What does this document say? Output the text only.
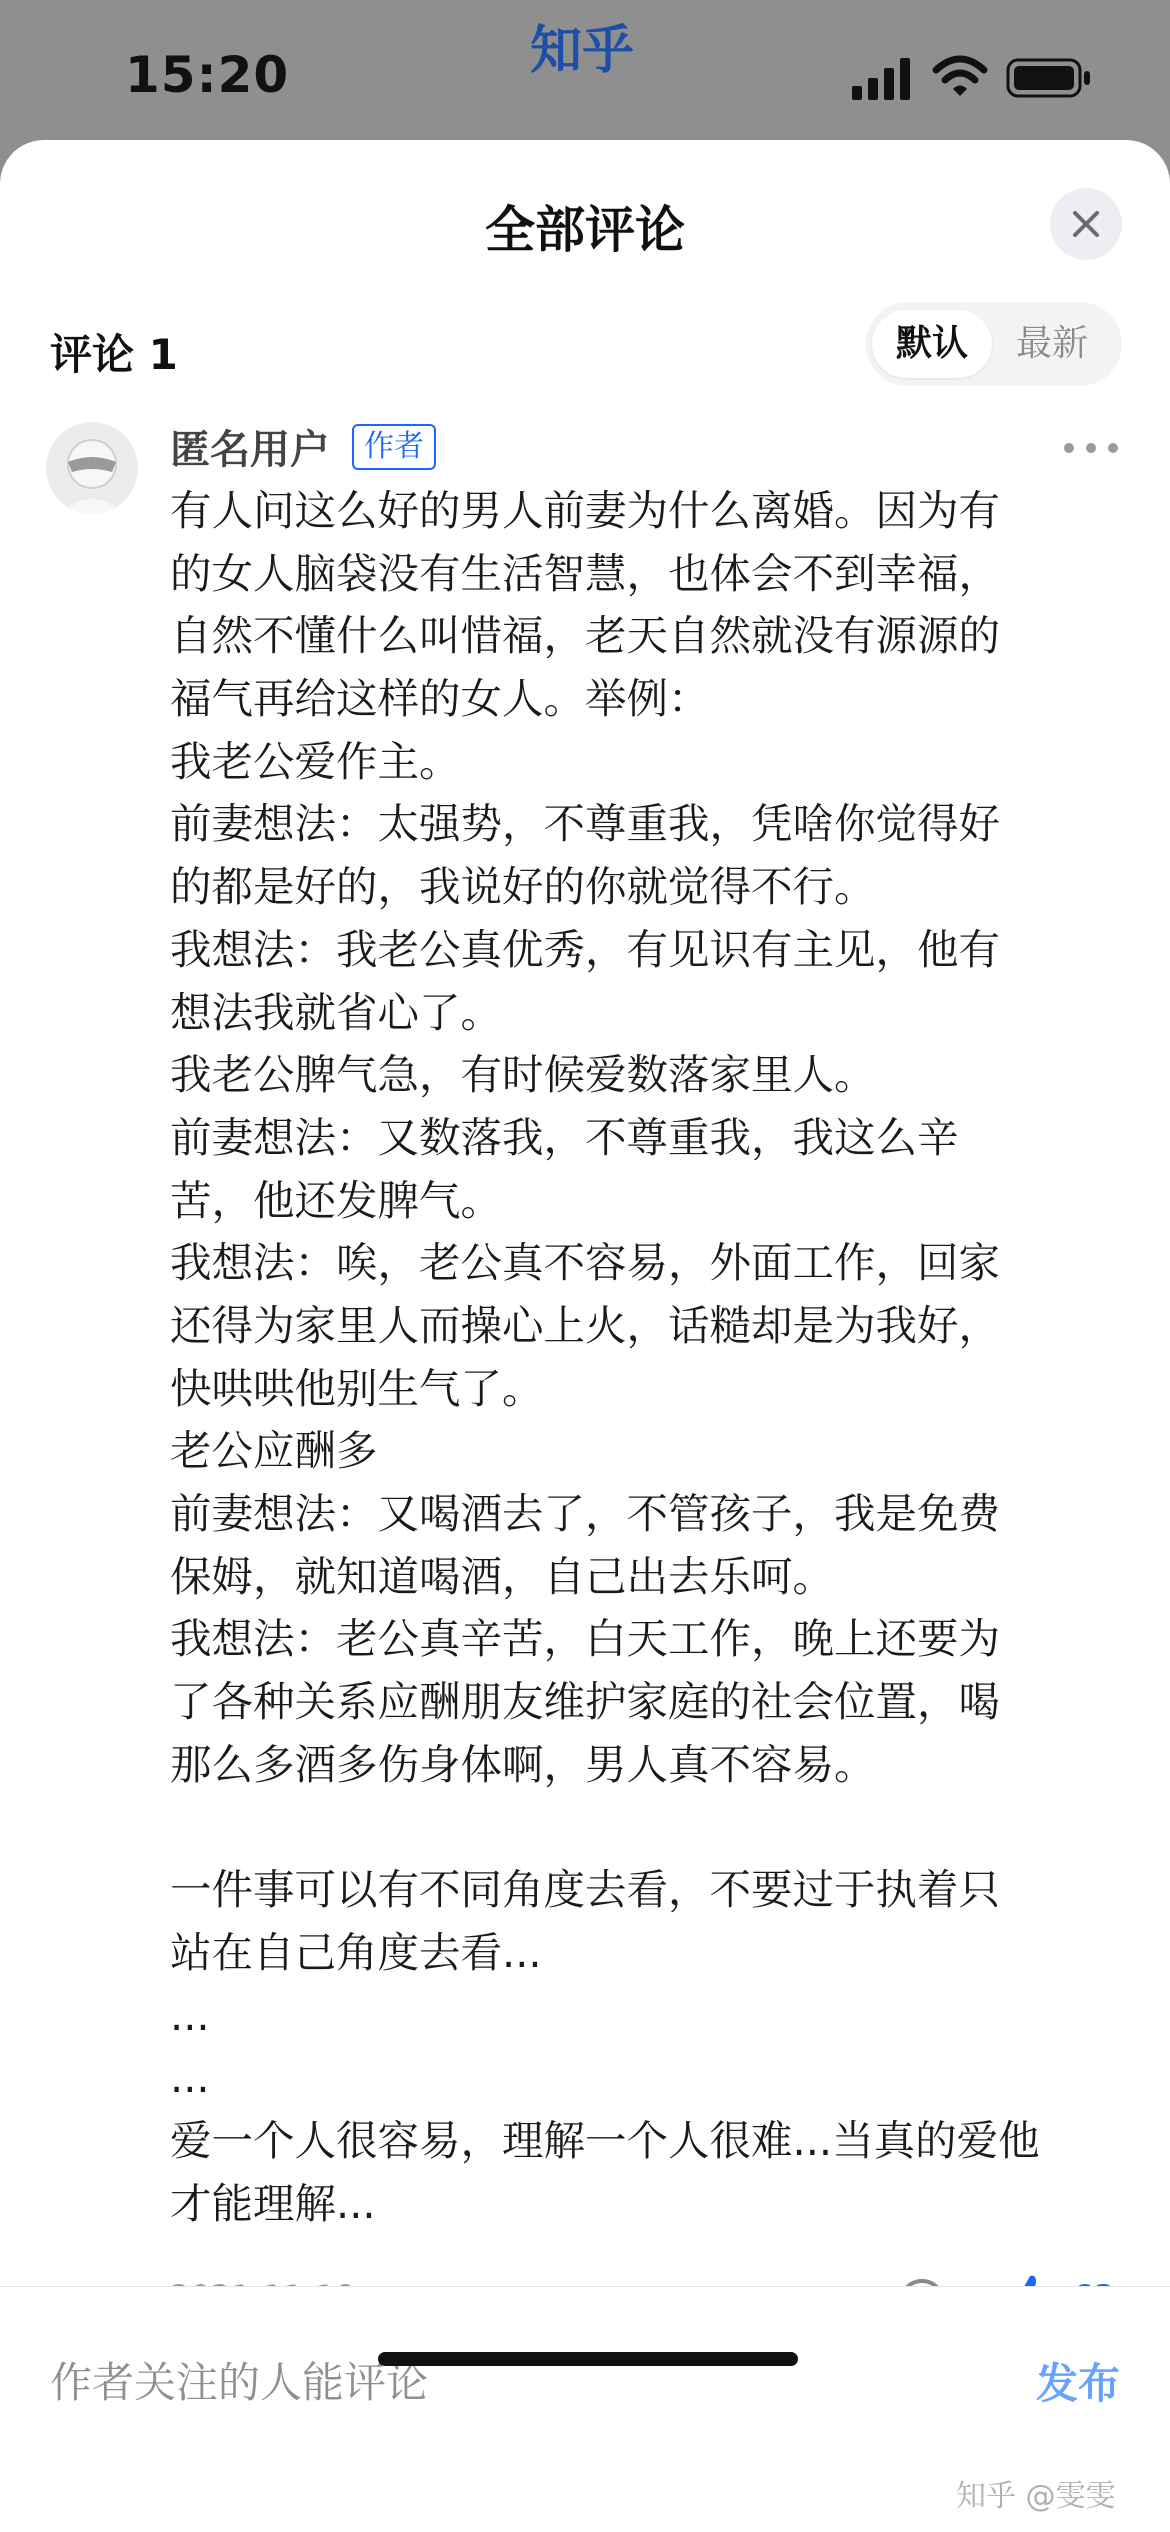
15:20	知乎
全部评论
评论 1	默认	最新
匿名用户	作者
有人问这么好的男人前妻为什么离婚。因为有
的女人脑袋没有生活智慧，也体会不到幸福，
自然不懂什么叫惜福，老天自然就没有源源的
福气再给这样的女人。举例：
我老公爱作主。
前妻想法：太强势，不尊重我，凭啥你觉得好
的都是好的，我说好的你就觉得不行。
我想法：我老公真优秀，有见识有主见，他有
想法我就省心了。
我老公脾气急，有时候爱数落家里人。
前妻想法：又数落我，不尊重我，我这么辛
苦，他还发脾气。
我想法：唉，老公真不容易，外面工作，回家
还得为家里人而操心上火，话糙却是为我好，
快哄哄他别生气了。
老公应酬多
前妻想法：又喝酒去了，不管孩子，我是免费
保姆，就知道喝酒，自己出去乐呵。
我想法：老公真辛苦，白天工作，晚上还要为
了各种关系应酬朋友维护家庭的社会位置，喝
那么多酒多伤身体啊，男人真不容易。
一件事可以有不同角度去看，不要过于执着只
站在自己角度去看...
...
...
爱一个人很容易，理解一个人很难...当真的爱他
才能理解...
作者关注的人能评论
发布
知乎 @雯雯
